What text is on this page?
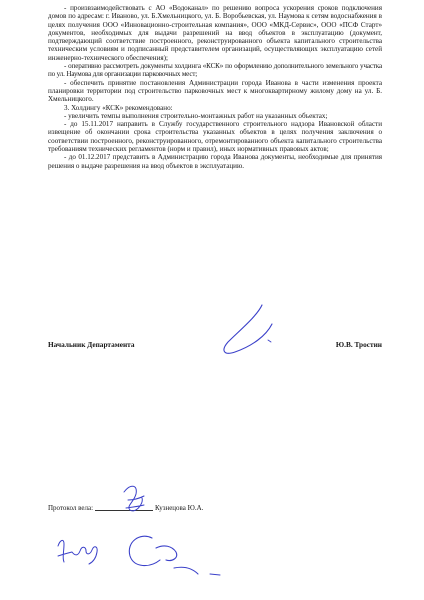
- произвзаимодействовать с АО «Водоканал» по решению вопроса ускорения сроков подключения домов по адресам: г. Иваново, ул. Б.Хмельницкого, ул. Б. Воробьевская, ул. Наумова к сетям водоснабжения в целях получения ООО «Инновационно-строительная компания», ООО «МКД-Сервис», ООО «ПСФ Старт» документов, необходимых для выдачи разрешений на ввод объектов в эксплуатацию (документ, подтверждающий соответствие построенного, реконструированного объекта капитального строительства техническим условиям и подписанный представителем организаций, осуществляющих эксплуатацию сетей инженерно-технического обеспечения);

- оперативно рассмотреть документы холдинга «КСК» по оформлению дополнительного земельного участка по ул. Наумова для организации парковочных мест;

- обеспечить принятие постановления Администрации города Иванова в части изменения проекта планировки территории под строительство парковочных мест к многоквартирному жилому дому на ул. Б. Хмельницкого.

3. Холдингу «КСК» рекомендовано:

- увеличить темпы выполнения строительно-монтажных работ на указанных объектах;

- до 15.11.2017 направить в Службу государственного строительного надзора Ивановской области извещение об окончании срока строительства указанных объектов в целях получения заключения о соответствии построенного, реконструированного, отремонтированного объекта капитального строительства требованиям технических регламентов (норм и правил), иных нормативных правовых актов;

- до 01.12.2017 представить в Администрацию города Иванова документы, необходимые для принятия решения о выдаче разрешения на ввод объектов в эксплуатацию.

Начальник Департамента	Ю.В. Тростин
Протокол вела:	Кузнецова Ю.А.
